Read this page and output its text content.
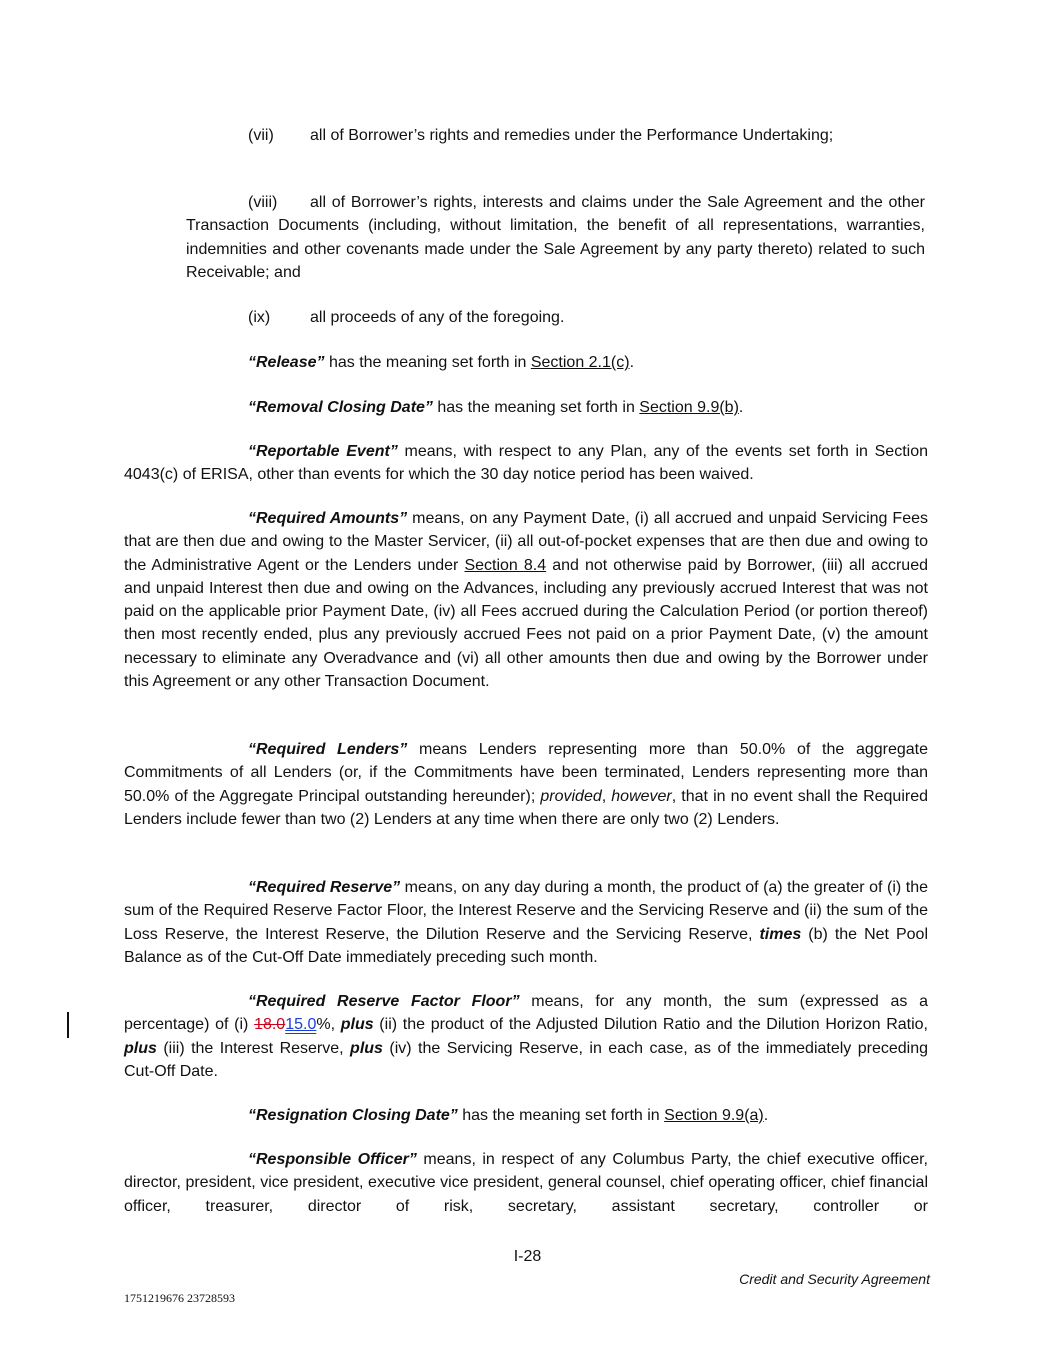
(vii) all of Borrower’s rights and remedies under the Performance Undertaking;
(viii) all of Borrower’s rights, interests and claims under the Sale Agreement and the other Transaction Documents (including, without limitation, the benefit of all representations, warranties, indemnities and other covenants made under the Sale Agreement by any party thereto) related to such Receivable; and
(ix) all proceeds of any of the foregoing.
“Release” has the meaning set forth in Section 2.1(c).
“Removal Closing Date” has the meaning set forth in Section 9.9(b).
“Reportable Event” means, with respect to any Plan, any of the events set forth in Section 4043(c) of ERISA, other than events for which the 30 day notice period has been waived.
“Required Amounts” means, on any Payment Date, (i) all accrued and unpaid Servicing Fees that are then due and owing to the Master Servicer, (ii) all out-of-pocket expenses that are then due and owing to the Administrative Agent or the Lenders under Section 8.4 and not otherwise paid by Borrower, (iii) all accrued and unpaid Interest then due and owing on the Advances, including any previously accrued Interest that was not paid on the applicable prior Payment Date, (iv) all Fees accrued during the Calculation Period (or portion thereof) then most recently ended, plus any previously accrued Fees not paid on a prior Payment Date, (v) the amount necessary to eliminate any Overadvance and (vi) all other amounts then due and owing by the Borrower under this Agreement or any other Transaction Document.
“Required Lenders” means Lenders representing more than 50.0% of the aggregate Commitments of all Lenders (or, if the Commitments have been terminated, Lenders representing more than 50.0% of the Aggregate Principal outstanding hereunder); provided, however, that in no event shall the Required Lenders include fewer than two (2) Lenders at any time when there are only two (2) Lenders.
“Required Reserve” means, on any day during a month, the product of (a) the greater of (i) the sum of the Required Reserve Factor Floor, the Interest Reserve and the Servicing Reserve and (ii) the sum of the Loss Reserve, the Interest Reserve, the Dilution Reserve and the Servicing Reserve, times (b) the Net Pool Balance as of the Cut-Off Date immediately preceding such month.
“Required Reserve Factor Floor” means, for any month, the sum (expressed as a percentage) of (i) 18.015.0%, plus (ii) the product of the Adjusted Dilution Ratio and the Dilution Horizon Ratio, plus (iii) the Interest Reserve, plus (iv) the Servicing Reserve, in each case, as of the immediately preceding Cut-Off Date.
“Resignation Closing Date” has the meaning set forth in Section 9.9(a).
“Responsible Officer” means, in respect of any Columbus Party, the chief executive officer, director, president, vice president, executive vice president, general counsel, chief operating officer, chief financial officer, treasurer, director of risk, secretary, assistant secretary, controller or
I-28
Credit and Security Agreement
1751219676 23728593
